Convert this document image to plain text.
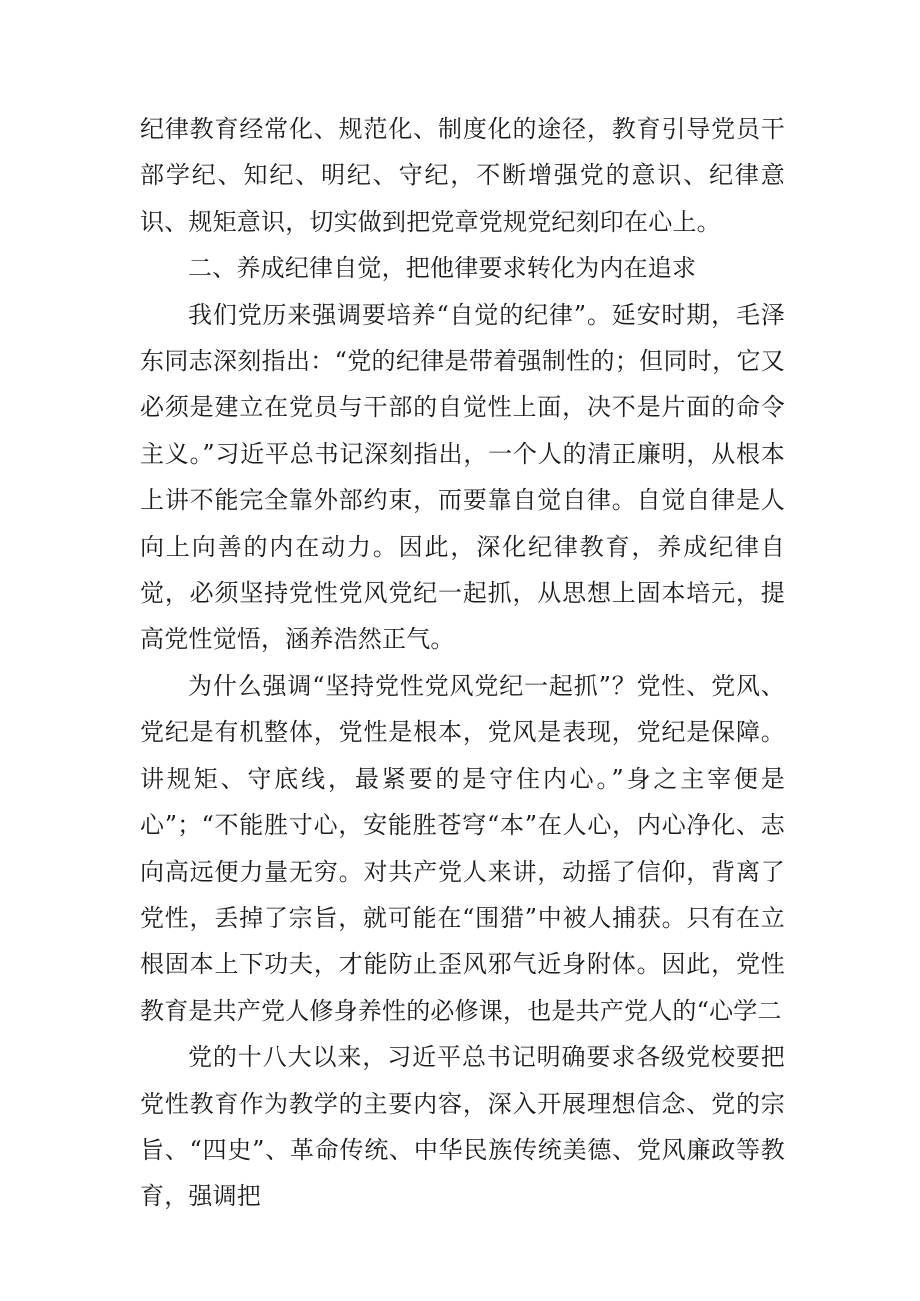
纪律教育经常化、规范化、制度化的途径，教育引导党员干部学纪、知纪、明纪、守纪，不断增强党的意识、纪律意识、规矩意识，切实做到把党章党规党纪刻印在心上。

二、养成纪律自觉，把他律要求转化为内在追求

我们党历来强调要培养“自觉的纪律”。延安时期，毛泽东同志深刻指出：“党的纪律是带着强制性的；但同时，它又必须是建立在党员与干部的自觉性上面，决不是片面的命令主义。”习近平总书记深刻指出，一个人的清正廉明，从根本上讲不能完全靠外部约束，而要靠自觉自律。自觉自律是人向上向善的内在动力。因此，深化纪律教育，养成纪律自觉，必须坚持党性党风党纪一起抓，从思想上固本培元，提高党性觉悟，涵养浩然正气。

为什么强调“坚持党性党风党纪一起抓”？党性、党风、党纪是有机整体，党性是根本，党风是表现，党纪是保障。讲规矩、守底线，最紧要的是守住内心。”身之主宰便是心”；“不能胜寸心，安能胜苍穹“本”在人心，内心净化、志向高远便力量无穷。对共产党人来讲，动摇了信仰，背离了党性，丢掉了宗旨，就可能在“围猎”中被人捕获。只有在立根固本上下功夫，才能防止歪风邪气近身附体。因此，党性教育是共产党人修身养性的必修课，也是共产党人的“心学二

党的十八大以来，习近平总书记明确要求各级党校要把党性教育作为教学的主要内容，深入开展理想信念、党的宗旨、“四史”、革命传统、中华民族传统美德、党风廉政等教育，强调把
